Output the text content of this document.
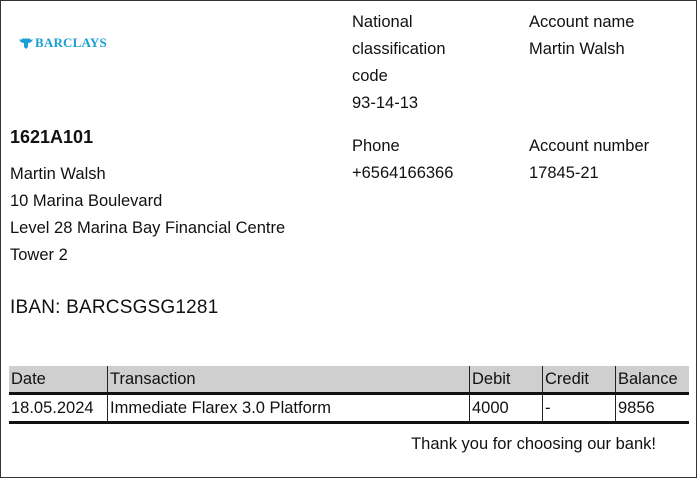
BARCLAYS
1621A101
Martin Walsh
10 Marina Boulevard
Level 28 Marina Bay Financial Centre
Tower 2
IBAN: BARCSGSG1281
National
classification
code
93-14-13
Account name
Martin Walsh
Phone
+6564166366
Account number
17845-21
Date	Transaction	Debit	Credit	Balance
18.05.2024	Immediate Flarex 3.0 Platform	4000	-	9856
Thank you for choosing our bank!
